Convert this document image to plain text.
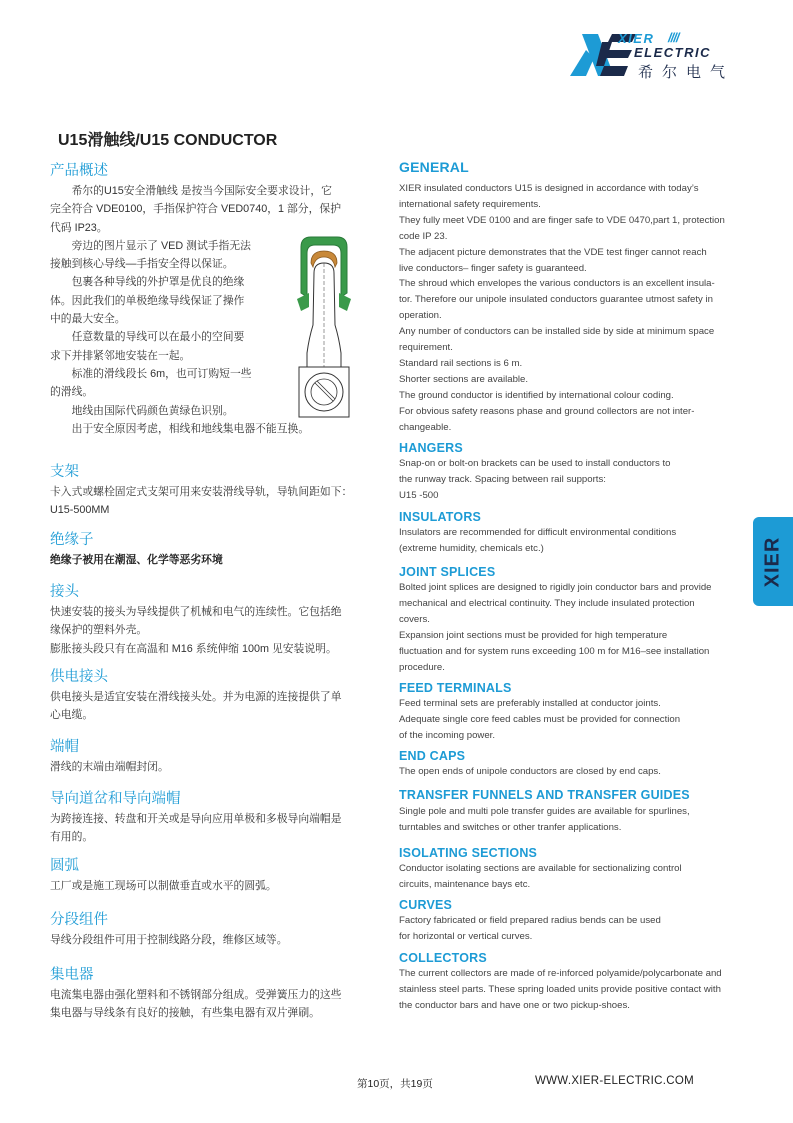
XIER ////
ELECTRIC
希尔电气
U15滑触线/U15 CONDUCTOR
产品概述

希尔的U15安全滑触线 是按当今国际安全要求设计，它

完全符合 VDE0100，手指保护符合 VED0740，1 部分，保护

代码 IP23。

旁边的图片显示了 VED 测试手指无法

接触到核心导线—手指安全得以保证。

包裹各种导线的外护罩是优良的绝缘

体。因此我们的单极绝缘导线保证了操作

中的最大安全。

任意数量的导线可以在最小的空间要

求下并排紧邻地安装在一起。

标准的滑线段长 6m，也可订购短一些

的滑线。

地线由国际代码颜色黄绿色识别。

出于安全原因考虑，相线和地线集电器不能互换。

支架

卡入式或螺栓固定式支架可用来安装滑线导轨，导轨间距如下：

U15-500MM

绝缘子

绝缘子被用在潮湿、化学等恶劣环境

接头

快速安装的接头为导线提供了机械和电气的连续性。它包括绝

缘保护的塑料外壳。

膨胀接头段只有在高温和 M16 系统伸缩 100m 见安装说明。

供电接头

供电接头是适宜安装在滑线接头处。并为电源的连接提供了单

心电缆。

端帽

滑线的末端由端帽封闭。

导向道岔和导向端帽

为跨接连接、转盘和开关或是导向应用单极和多极导向端帽是

有用的。

圆弧

工厂或是施工现场可以制做垂直或水平的圆弧。

分段组件

导线分段组件可用于控制线路分段，维修区域等。

集电器

电流集电器由强化塑料和不锈钢部分组成。受弹簧压力的这些

集电器与导线条有良好的接触，有些集电器有双片弹刷。

GENERAL

XIER insulated conductors U15 is designed in accordance with today’s

international safety requirements.

They fully meet VDE 0100 and are finger safe to VDE 0470,part 1, protection

code IP 23.

The adjacent picture demonstrates that the VDE test finger cannot reach

live conductors– finger safety is guaranteed.

The shroud which envelopes the various conductors is an excellent insula-

tor. Therefore our unipole insulated conductors guarantee utmost safety in

operation.

Any number of conductors can be installed side by side at minimum space

requirement.

Standard rail sections is 6 m.

Shorter sections are available.

The ground conductor is identified by international colour coding.

For obvious safety reasons phase and ground collectors are not inter-

changeable.

HANGERS

Snap-on or bolt-on brackets can be used to install conductors to

the runway track. Spacing between rail supports:

U15 -500

INSULATORS

Insulators are recommended for difficult environmental conditions

(extreme humidity, chemicals etc.)

JOINT SPLICES

Bolted joint splices are designed to rigidly join conductor bars and provide

mechanical and electrical continuity. They include insulated protection

covers.

Expansion joint sections must be provided for high temperature

fluctuation and for system runs exceeding 100 m for M16–see installation

procedure.

FEED TERMINALS

Feed terminal sets are preferably installed at conductor joints.

Adequate single core feed cables must be provided for connection

of the incoming power.

END CAPS

The open ends of unipole conductors are closed by end caps.

TRANSFER FUNNELS AND TRANSFER GUIDES

Single pole and multi pole transfer guides are available for spurlines,

turntables and switches or other tranfer applications.

ISOLATING SECTIONS

Conductor isolating sections are available for sectionalizing control

circuits, maintenance bays etc.

CURVES

Factory fabricated or field prepared radius bends can be used

for horizontal or vertical curves.

COLLECTORS

The current collectors are made of re-inforced polyamide/polycarbonate and

stainless steel parts. These spring loaded units provide positive contact with

the conductor bars and have one or two pickup-shoes.

XIER
第10页，共19页	WWW.XIER-ELECTRIC.COM
